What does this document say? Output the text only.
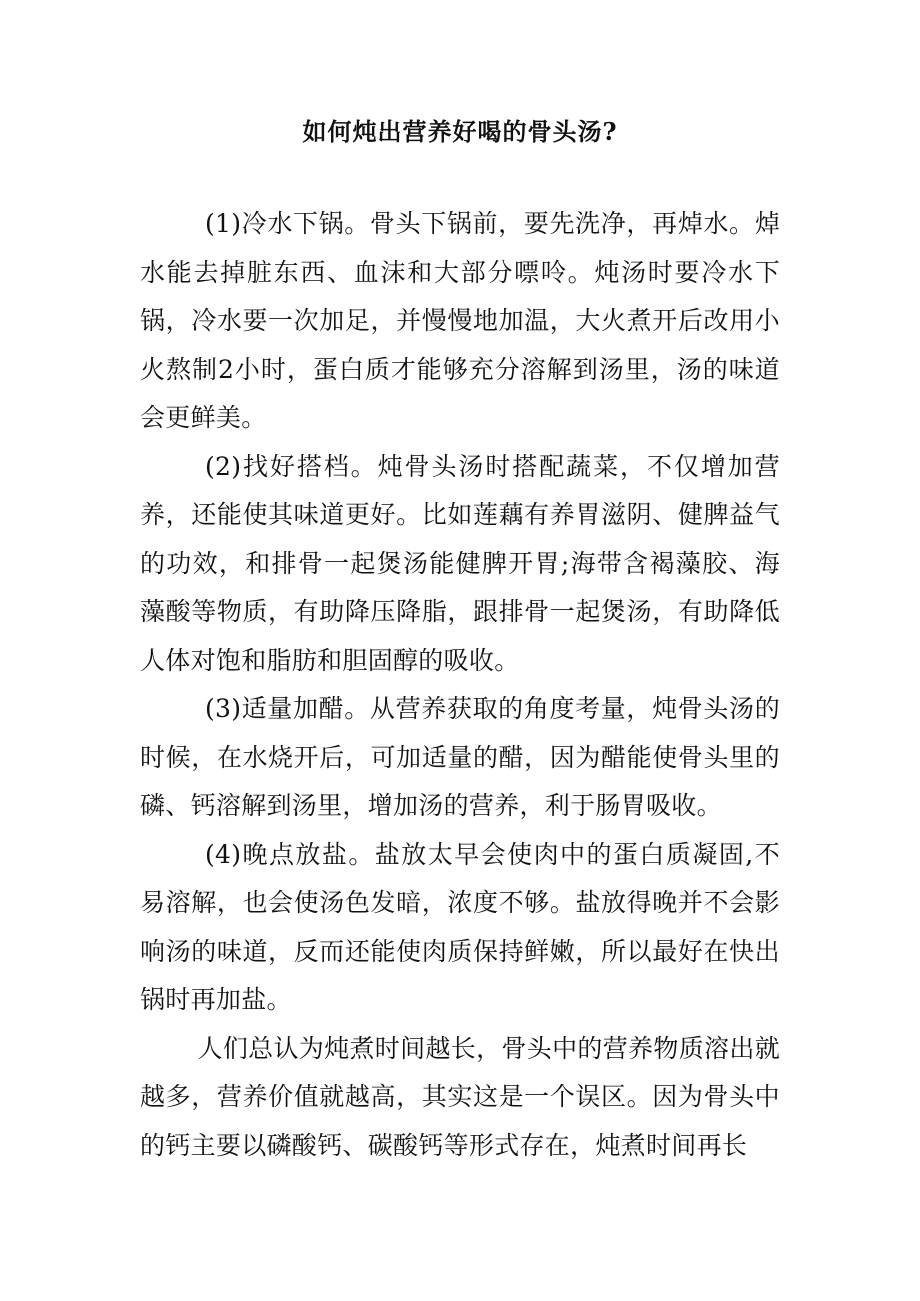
如何炖出营养好喝的骨头汤?

(1)冷水下锅。骨头下锅前，要先洗净，再焯水。焯水能去掉脏东西、血沫和大部分嘌呤。炖汤时要冷水下锅，冷水要一次加足，并慢慢地加温，大火煮开后改用小火熬制2小时，蛋白质才能够充分溶解到汤里，汤的味道会更鲜美。

(2)找好搭档。炖骨头汤时搭配蔬菜，不仅增加营养，还能使其味道更好。比如莲藕有养胃滋阴、健脾益气的功效，和排骨一起煲汤能健脾开胃;海带含褐藻胶、海藻酸等物质，有助降压降脂，跟排骨一起煲汤，有助降低人体对饱和脂肪和胆固醇的吸收。

(3)适量加醋。从营养获取的角度考量，炖骨头汤的时候，在水烧开后，可加适量的醋，因为醋能使骨头里的磷、钙溶解到汤里，增加汤的营养，利于肠胃吸收。

(4)晚点放盐。盐放太早会使肉中的蛋白质凝固,不易溶解，也会使汤色发暗，浓度不够。盐放得晚并不会影响汤的味道，反而还能使肉质保持鲜嫩，所以最好在快出锅时再加盐。

人们总认为炖煮时间越长，骨头中的营养物质溶出就越多，营养价值就越高，其实这是一个误区。因为骨头中的钙主要以磷酸钙、碳酸钙等形式存在，炖煮时间再长
